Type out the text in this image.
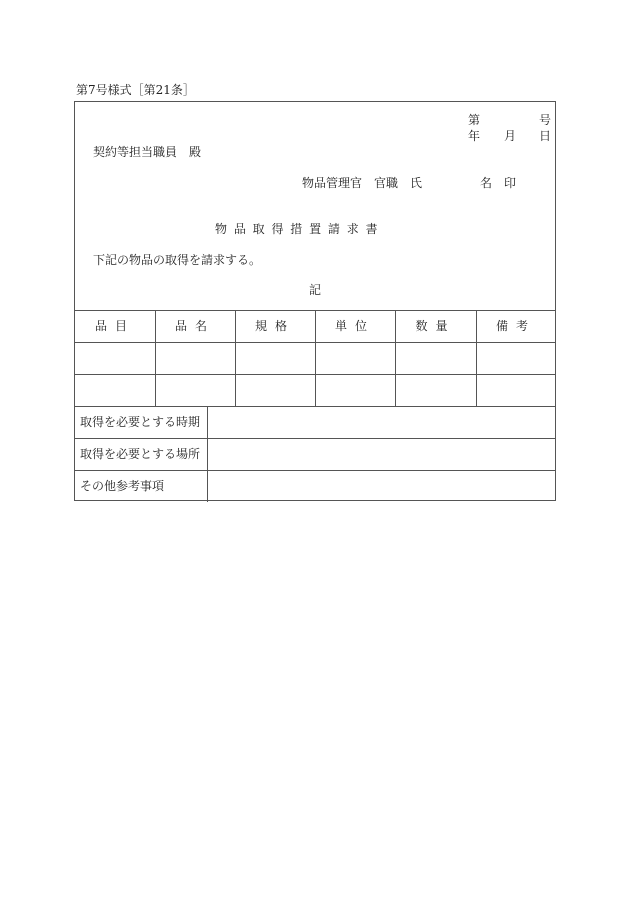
第7号様式［第21条］
第	号
年 月 日
契約等担当職員　殿
物品管理官　官職　氏	名　印
物 品 取 得 措 置 請 求 書
下記の物品の取得を請求する。
記
品目	品名	規格	単位	数量	備考
取得を必要とする時期
取得を必要とする場所
その他参考事項
